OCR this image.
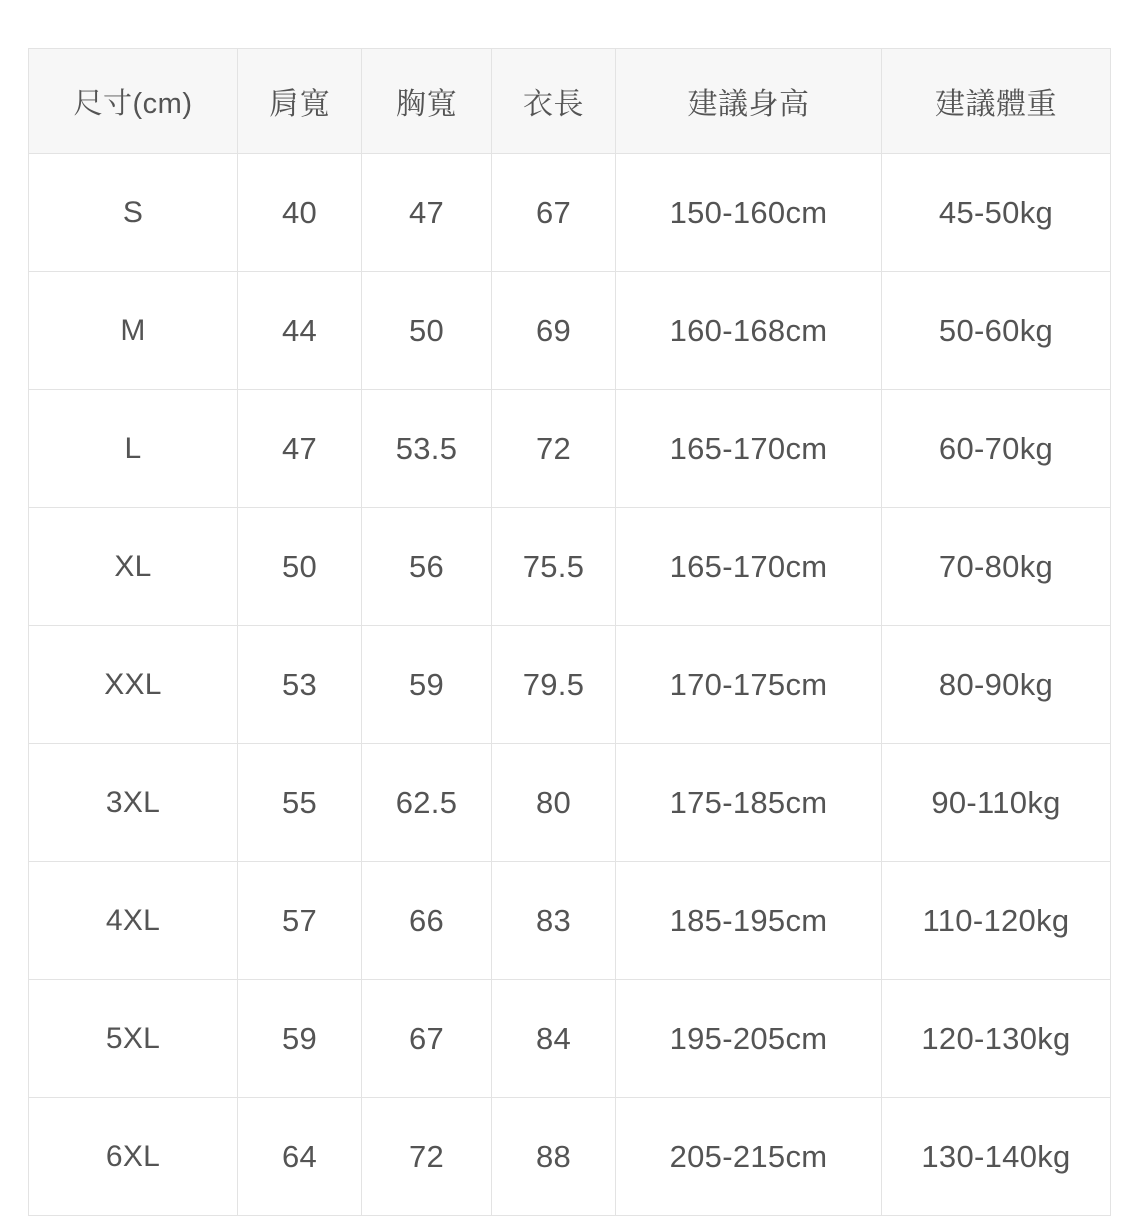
尺寸(cm)	肩寬	胸寬	衣長	建議身高	建議體重
S	40	47	67	150-160cm	45-50kg
M	44	50	69	160-168cm	50-60kg
L	47	53.5	72	165-170cm	60-70kg
XL	50	56	75.5	165-170cm	70-80kg
XXL	53	59	79.5	170-175cm	80-90kg
3XL	55	62.5	80	175-185cm	90-110kg
4XL	57	66	83	185-195cm	110-120kg
5XL	59	67	84	195-205cm	120-130kg
6XL	64	72	88	205-215cm	130-140kg
